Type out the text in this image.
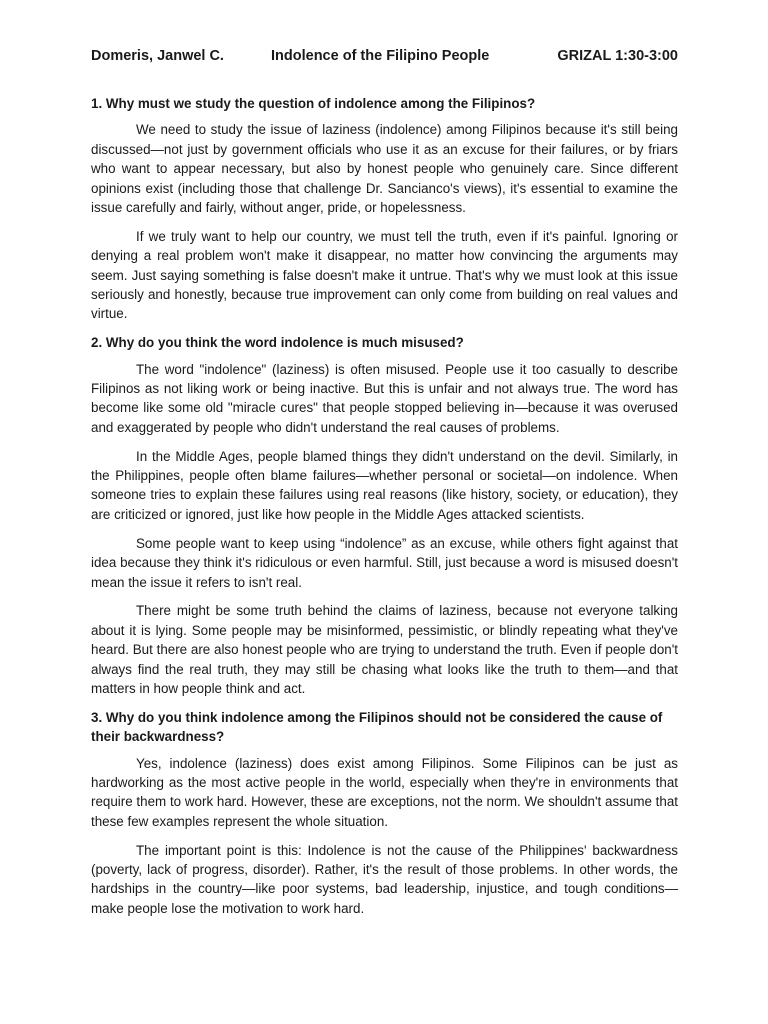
Domeris, Janwel C.	Indolence of the Filipino People	GRIZAL 1:30-3:00

1. Why must we study the question of indolence among the Filipinos?

We need to study the issue of laziness (indolence) among Filipinos because it's still being discussed—not just by government officials who use it as an excuse for their failures, or by friars who want to appear necessary, but also by honest people who genuinely care. Since different opinions exist (including those that challenge Dr. Sancianco's views), it's essential to examine the issue carefully and fairly, without anger, pride, or hopelessness.

If we truly want to help our country, we must tell the truth, even if it's painful. Ignoring or denying a real problem won't make it disappear, no matter how convincing the arguments may seem. Just saying something is false doesn't make it untrue. That's why we must look at this issue seriously and honestly, because true improvement can only come from building on real values and virtue.

2. Why do you think the word indolence is much misused?

The word "indolence" (laziness) is often misused. People use it too casually to describe Filipinos as not liking work or being inactive. But this is unfair and not always true. The word has become like some old "miracle cures" that people stopped believing in—because it was overused and exaggerated by people who didn't understand the real causes of problems.

In the Middle Ages, people blamed things they didn't understand on the devil. Similarly, in the Philippines, people often blame failures—whether personal or societal—on indolence. When someone tries to explain these failures using real reasons (like history, society, or education), they are criticized or ignored, just like how people in the Middle Ages attacked scientists.

Some people want to keep using “indolence” as an excuse, while others fight against that idea because they think it's ridiculous or even harmful. Still, just because a word is misused doesn't mean the issue it refers to isn't real.

There might be some truth behind the claims of laziness, because not everyone talking about it is lying. Some people may be misinformed, pessimistic, or blindly repeating what they've heard. But there are also honest people who are trying to understand the truth. Even if people don't always find the real truth, they may still be chasing what looks like the truth to them—and that matters in how people think and act.

3. Why do you think indolence among the Filipinos should not be considered the cause of their backwardness?

Yes, indolence (laziness) does exist among Filipinos. Some Filipinos can be just as hardworking as the most active people in the world, especially when they're in environments that require them to work hard. However, these are exceptions, not the norm. We shouldn't assume that these few examples represent the whole situation.

The important point is this: Indolence is not the cause of the Philippines' backwardness (poverty, lack of progress, disorder). Rather, it's the result of those problems. In other words, the hardships in the country—like poor systems, bad leadership, injustice, and tough conditions—make people lose the motivation to work hard.
